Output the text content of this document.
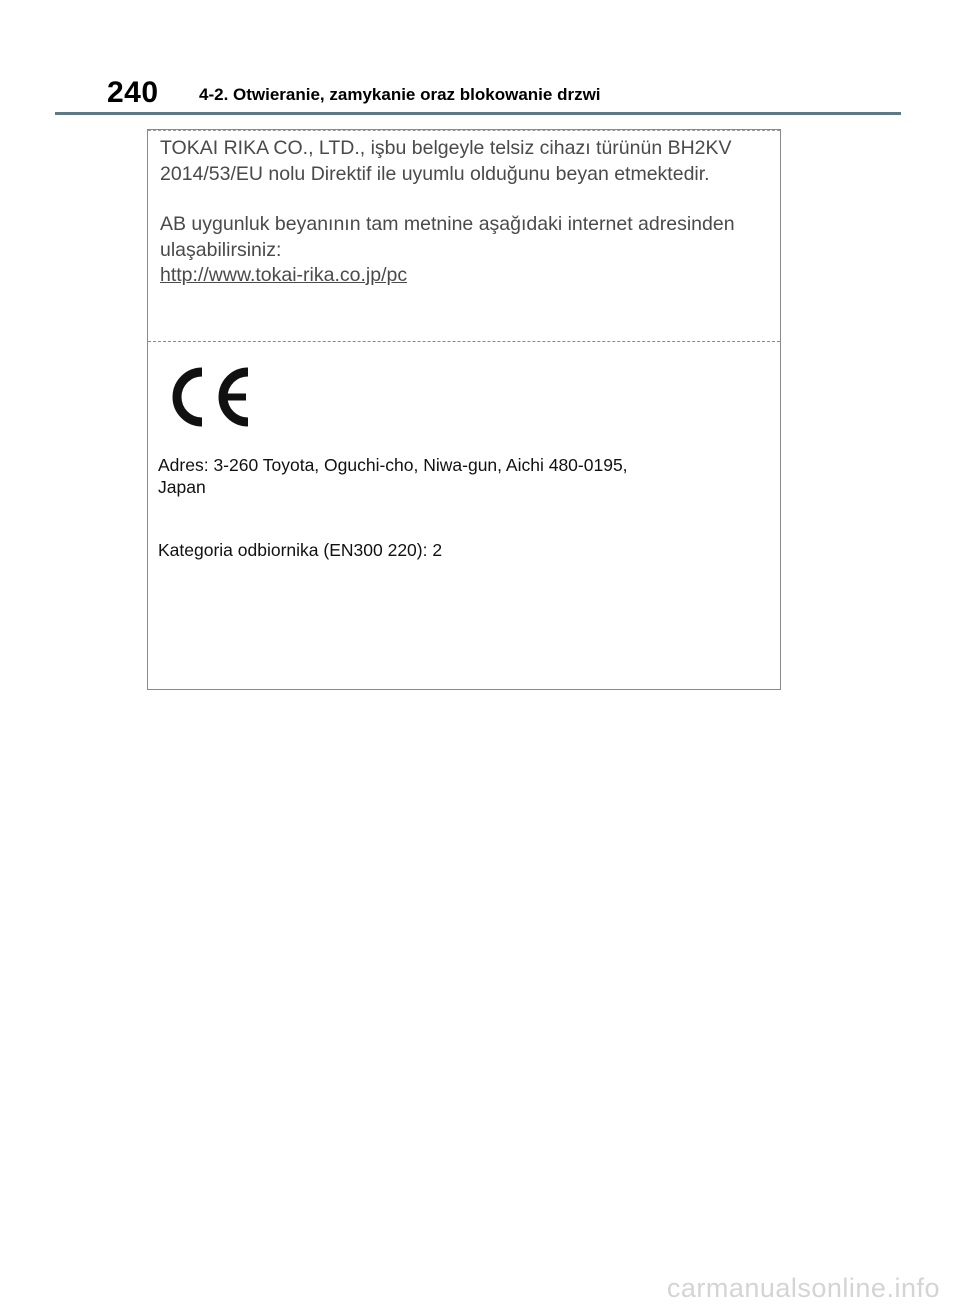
240 4-2. Otwieranie, zamykanie oraz blokowanie drzwi

TOKAI RIKA CO., LTD., işbu belgeyle telsiz cihazı türünün BH2KV 2014/53/EU nolu Direktif ile uyumlu olduğunu beyan etmektedir.

AB uygunluk beyanının tam metnine aşağıdaki internet adresinden ulaşabilirsiniz:
http://www.tokai-rika.co.jp/pc

Adres: 3-260 Toyota, Oguchi-cho, Niwa-gun, Aichi 480-0195,
Japan
Kategoria odbiornika (EN300 220): 2
carmanualsonline.info
